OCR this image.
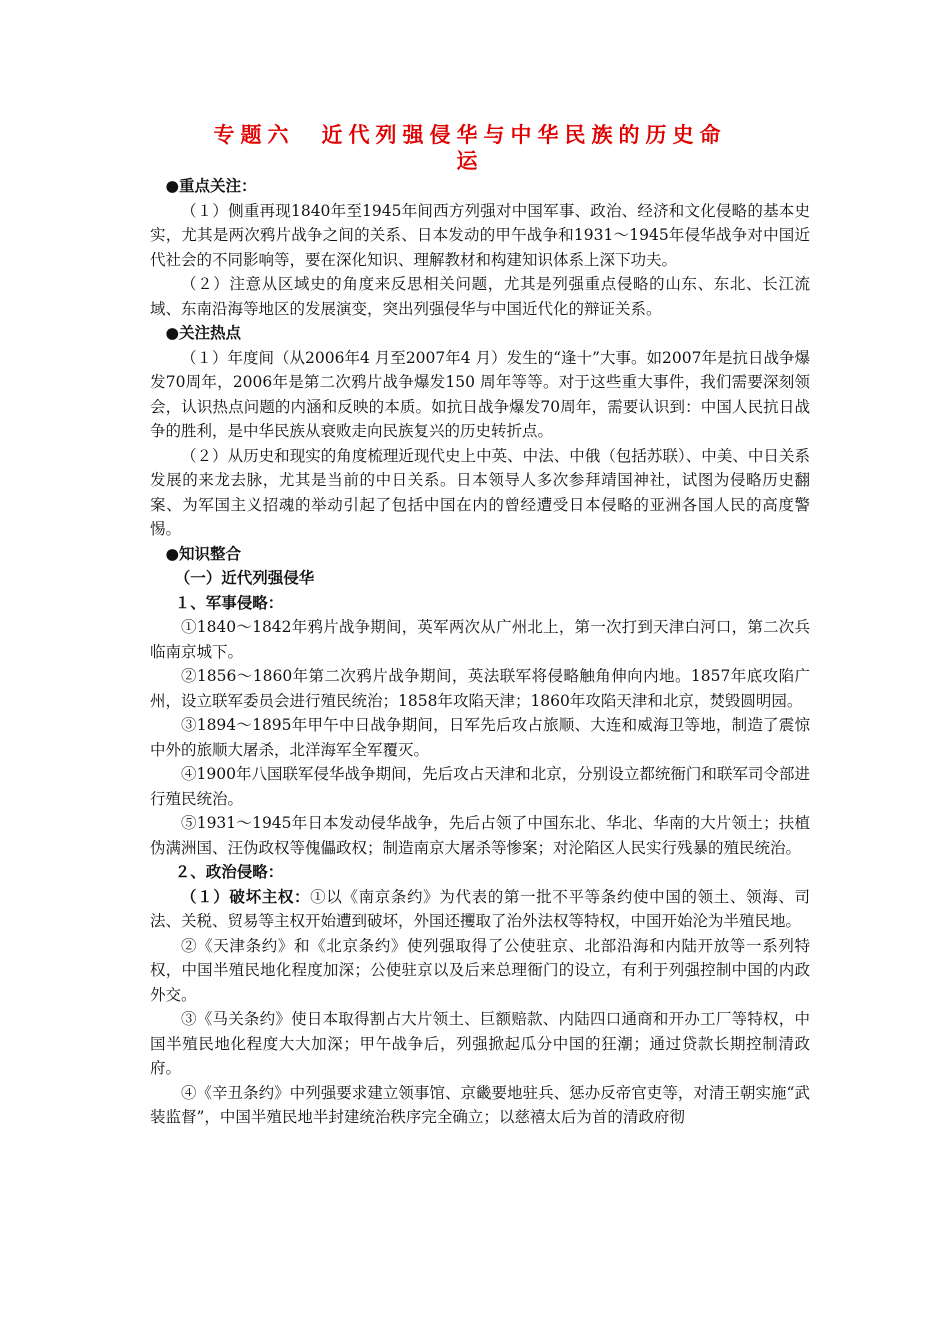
专题六　近代列强侵华与中华民族的历史命
运

●重点关注：

（１）侧重再现1840年至1945年间西方列强对中国军事、政治、经济和文化侵略的基本史实，尤其是两次鸦片战争之间的关系、日本发动的甲午战争和1931～1945年侵华战争对中国近代社会的不同影响等，要在深化知识、理解教材和构建知识体系上深下功夫。

（２）注意从区域史的角度来反思相关问题，尤其是列强重点侵略的山东、东北、长江流域、东南沿海等地区的发展演变，突出列强侵华与中国近代化的辩证关系。

●关注热点

（１）年度间（从2006年4 月至2007年4 月）发生的“逢十”大事。如2007年是抗日战争爆发70周年，2006年是第二次鸦片战争爆发150 周年等等。对于这些重大事件，我们需要深刻领会，认识热点问题的内涵和反映的本质。如抗日战争爆发70周年，需要认识到：中国人民抗日战争的胜利，是中华民族从衰败走向民族复兴的历史转折点。

（２）从历史和现实的角度梳理近现代史上中英、中法、中俄（包括苏联）、中美、中日关系发展的来龙去脉，尤其是当前的中日关系。日本领导人多次参拜靖国神社，试图为侵略历史翻案、为军国主义招魂的举动引起了包括中国在内的曾经遭受日本侵略的亚洲各国人民的高度警惕。

●知识整合

（一）近代列强侵华

１、军事侵略：

①1840～1842年鸦片战争期间，英军两次从广州北上，第一次打到天津白河口，第二次兵临南京城下。

②1856～1860年第二次鸦片战争期间，英法联军将侵略触角伸向内地。1857年底攻陷广州，设立联军委员会进行殖民统治；1858年攻陷天津；1860年攻陷天津和北京，焚毁圆明园。

③1894～1895年甲午中日战争期间，日军先后攻占旅顺、大连和威海卫等地，制造了震惊中外的旅顺大屠杀，北洋海军全军覆灭。

④1900年八国联军侵华战争期间，先后攻占天津和北京，分别设立都统衙门和联军司令部进行殖民统治。

⑤1931～1945年日本发动侵华战争，先后占领了中国东北、华北、华南的大片领土；扶植伪满洲国、汪伪政权等傀儡政权；制造南京大屠杀等惨案；对沦陷区人民实行残暴的殖民统治。

２、政治侵略：

（１）破坏主权：①以《南京条约》为代表的第一批不平等条约使中国的领土、领海、司法、关税、贸易等主权开始遭到破坏，外国还攫取了治外法权等特权，中国开始沦为半殖民地。

②《天津条约》和《北京条约》使列强取得了公使驻京、北部沿海和内陆开放等一系列特权，中国半殖民地化程度加深；公使驻京以及后来总理衙门的设立，有利于列强控制中国的内政外交。

③《马关条约》使日本取得割占大片领土、巨额赔款、内陆四口通商和开办工厂等特权，中国半殖民地化程度大大加深；甲午战争后，列强掀起瓜分中国的狂潮；通过贷款长期控制清政府。

④《辛丑条约》中列强要求建立领事馆、京畿要地驻兵、惩办反帝官吏等，对清王朝实施“武装监督”，中国半殖民地半封建统治秩序完全确立；以慈禧太后为首的清政府彻
